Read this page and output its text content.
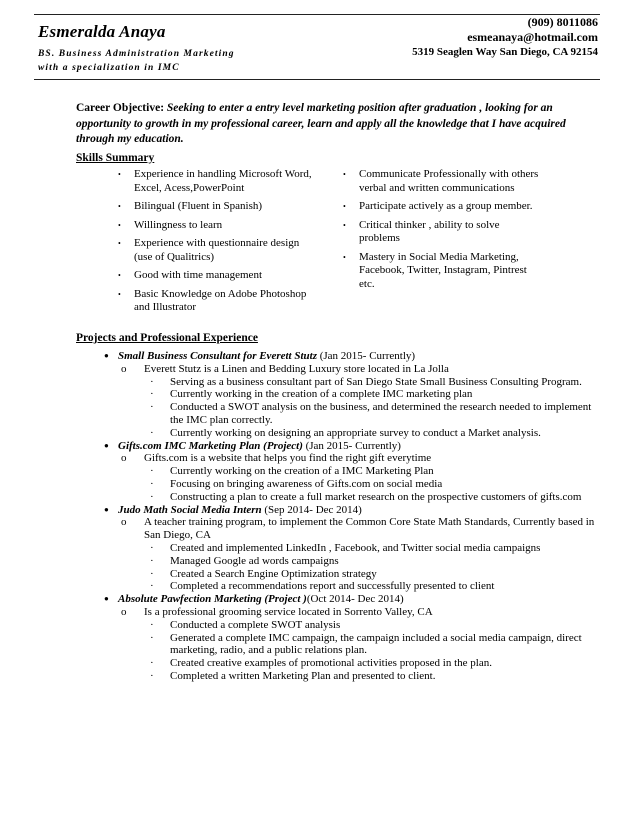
Esmeralda Anaya
BS. Business Administration Marketing
with a specialization in IMC
(909) 8011086
esmeanaya@hotmail.com
5319 Seaglen Way San Diego, CA 92154
Career Objective: Seeking to enter a entry level marketing position after graduation , looking for an opportunity to growth in my professional career, learn and apply all the knowledge that I have acquired through my education.
Skills Summary
• Experience in handling Microsoft Word, Excel, Acess,PowerPoint
• Bilingual (Fluent in Spanish)
• Willingness to learn
• Experience with questionnaire design (use of Qualitrics)
• Good with time management
• Basic Knowledge on Adobe Photoshop and Illustrator
• Communicate Professionally with others verbal and written communications
• Participate actively as a group member.
• Critical thinker , ability to solve problems
• Mastery in Social Media Marketing, Facebook, Twitter, Instagram, Pintrest etc.
Projects and Professional Experience
● Small Business Consultant for Everett Stutz (Jan 2015- Currently)
o Everett Stutz is a Linen and Bedding Luxury store located in La Jolla
· Serving as a business consultant part of San Diego State Small Business Consulting Program.
· Currently working in the creation of a complete IMC marketing plan
· Conducted a SWOT analysis on the business, and determined the research needed to implement the IMC plan correctly.
· Currently working on designing an appropriate survey to conduct a Market analysis.
● Gifts.com IMC Marketing Plan (Project) (Jan 2015- Currently)
o Gifts.com is a website that helps you find the right gift everytime
· Currently working on the creation of a IMC Marketing Plan
· Focusing on bringing awareness of Gifts.com on social media
· Constructing a plan to create a full market research on the prospective customers of gifts.com
● Judo Math Social Media Intern (Sep 2014- Dec 2014)
o A teacher training program, to implement the Common Core State Math Standards, Currently based in San Diego, CA
· Created and implemented LinkedIn , Facebook, and Twitter social media campaigns
· Managed Google ad words campaigns
· Created a Search Engine Optimization strategy
· Completed a recommendations report and successfully presented to client
● Absolute Pawfection Marketing (Project )(Oct 2014- Dec 2014)
o Is a professional grooming service located in Sorrento Valley, CA
· Conducted a complete SWOT analysis
· Generated a complete IMC campaign, the campaign included a social media campaign, direct marketing, radio, and a public relations plan.
· Created creative examples of promotional activities proposed in the plan.
· Completed a written Marketing Plan and presented to client.
